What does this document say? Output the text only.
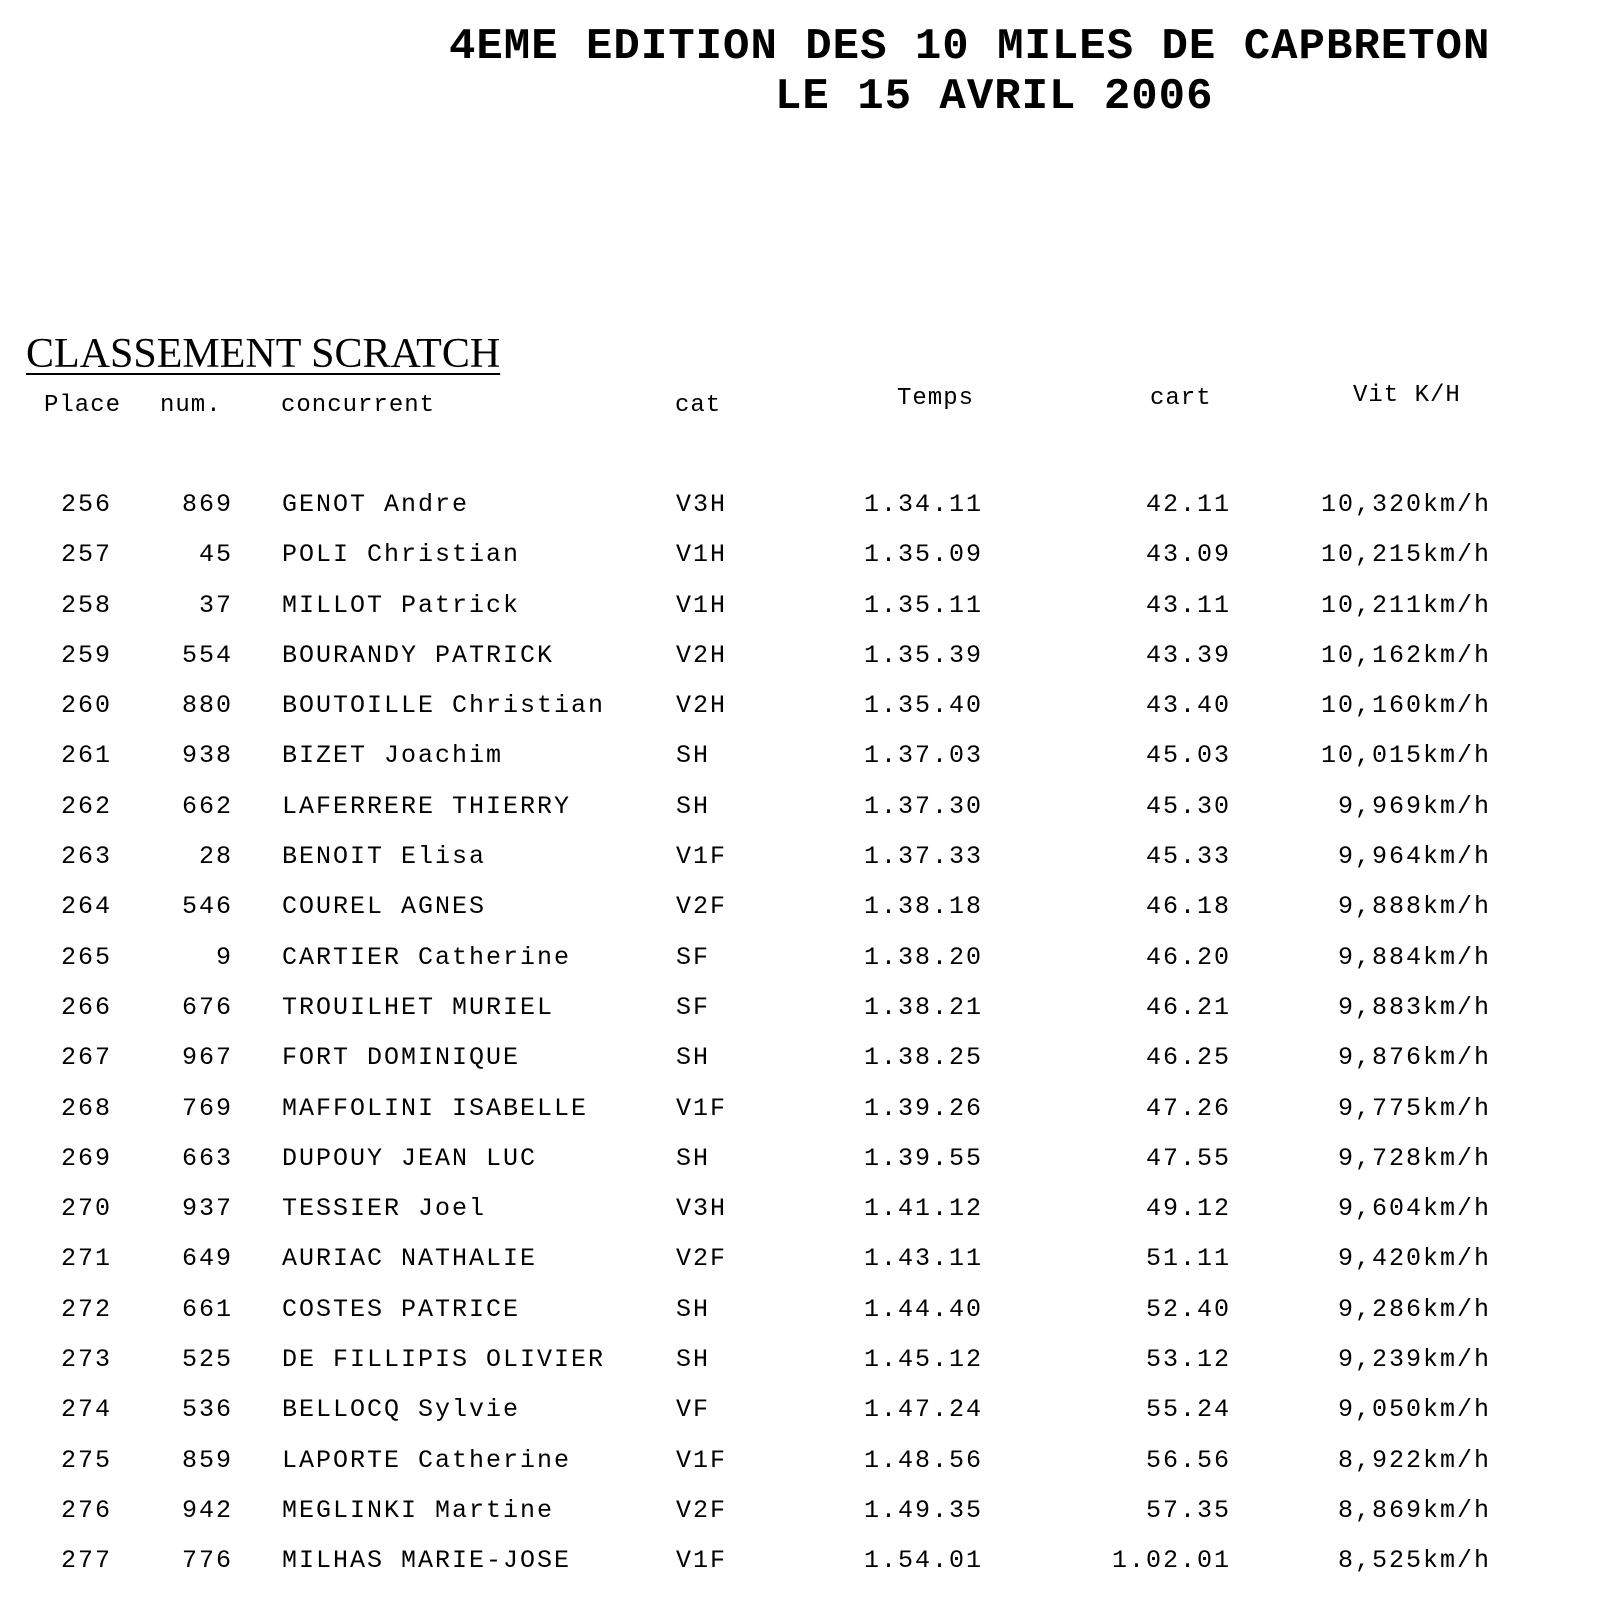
4EME EDITION DES 10 MILES DE CAPBRETON
LE 15 AVRIL 2006
CLASSEMENT SCRATCH
Place num. concurrent	cat	Temps	cart	Vit K/H
256	869 GENOT Andre	V3H	1.34.11	42.11	10,320km/h
257	45 POLI Christian	V1H	1.35.09	43.09	10,215km/h
258	37 MILLOT Patrick	V1H	1.35.11	43.11	10,211km/h
259	554 BOURANDY PATRICK	V2H	1.35.39	43.39	10,162km/h
260	880 BOUTOILLE Christian	V2H	1.35.40	43.40	10,160km/h
261	938 BIZET Joachim	SH	1.37.03	45.03	10,015km/h
262	662 LAFERRERE THIERRY	SH	1.37.30	45.30	9,969km/h
263	28 BENOIT Elisa	V1F	1.37.33	45.33	9,964km/h
264	546 COUREL AGNES	V2F	1.38.18	46.18	9,888km/h
265	9 CARTIER Catherine	SF	1.38.20	46.20	9,884km/h
266	676 TROUILHET MURIEL	SF	1.38.21	46.21	9,883km/h
267	967 FORT DOMINIQUE	SH	1.38.25	46.25	9,876km/h
268	769 MAFFOLINI ISABELLE	V1F	1.39.26	47.26	9,775km/h
269	663 DUPOUY JEAN LUC	SH	1.39.55	47.55	9,728km/h
270	937 TESSIER Joel	V3H	1.41.12	49.12	9,604km/h
271	649 AURIAC NATHALIE	V2F	1.43.11	51.11	9,420km/h
272	661 COSTES PATRICE	SH	1.44.40	52.40	9,286km/h
273	525 DE FILLIPIS OLIVIER	SH	1.45.12	53.12	9,239km/h
274	536 BELLOCQ Sylvie	VF	1.47.24	55.24	9,050km/h
275	859 LAPORTE Catherine	V1F	1.48.56	56.56	8,922km/h
276	942 MEGLINKI Martine	V2F	1.49.35	57.35	8,869km/h
277	776 MILHAS MARIE-JOSE	V1F	1.54.01	1.02.01	8,525km/h
